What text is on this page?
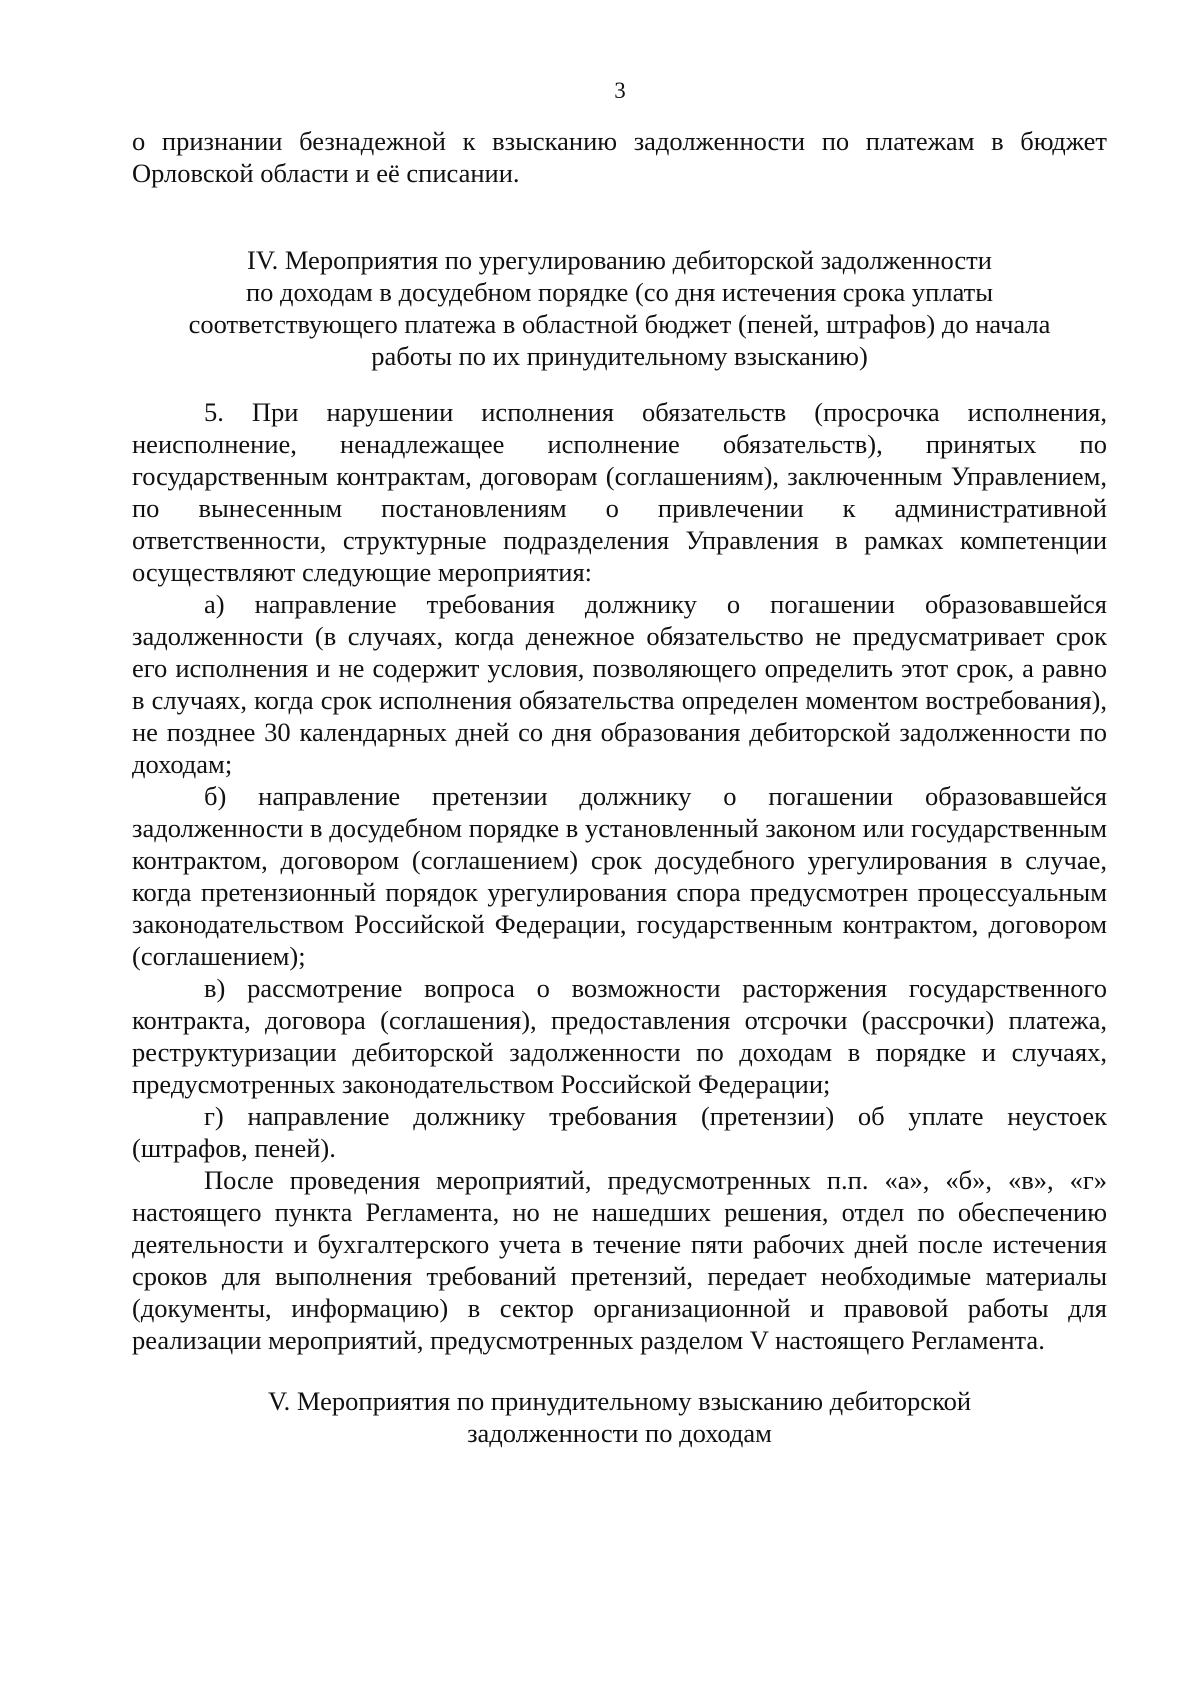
3

о признании безнадежной к взысканию задолженности по платежам в бюджет Орловской области и её списании.

IV. Мероприятия по урегулированию дебиторской задолженности
по доходам в досудебном порядке (со дня истечения срока уплаты
соответствующего платежа в областной бюджет (пеней, штрафов) до начала
работы по их принудительному взысканию)

5. При нарушении исполнения обязательств (просрочка исполнения, неисполнение, ненадлежащее исполнение обязательств), принятых по государственным контрактам, договорам (соглашениям), заключенным Управлением, по вынесенным постановлениям о привлечении к административной ответственности, структурные подразделения Управления в рамках компетенции осуществляют следующие мероприятия:

а) направление требования должнику о погашении образовавшейся задолженности (в случаях, когда денежное обязательство не предусматривает срок его исполнения и не содержит условия, позволяющего определить этот срок, а равно в случаях, когда срок исполнения обязательства определен моментом востребования), не позднее 30 календарных дней со дня образования дебиторской задолженности по доходам;

б) направление претензии должнику о погашении образовавшейся задолженности в досудебном порядке в установленный законом или государственным контрактом, договором (соглашением) срок досудебного урегулирования в случае, когда претензионный порядок урегулирования спора предусмотрен процессуальным законодательством Российской Федерации, государственным контрактом, договором (соглашением);

в) рассмотрение вопроса о возможности расторжения государственного контракта, договора (соглашения), предоставления отсрочки (рассрочки) платежа, реструктуризации дебиторской задолженности по доходам в порядке и случаях, предусмотренных законодательством Российской Федерации;

г) направление должнику требования (претензии) об уплате неустоек (штрафов, пеней).

После проведения мероприятий, предусмотренных п.п. «а», «б», «в», «г» настоящего пункта Регламента, но не нашедших решения, отдел по обеспечению деятельности и бухгалтерского учета в течение пяти рабочих дней после истечения сроков для выполнения требований претензий, передает необходимые материалы (документы, информацию) в сектор организационной и правовой работы для реализации мероприятий, предусмотренных разделом V настоящего Регламента.

V. Мероприятия по принудительному взысканию дебиторской
задолженности по доходам
